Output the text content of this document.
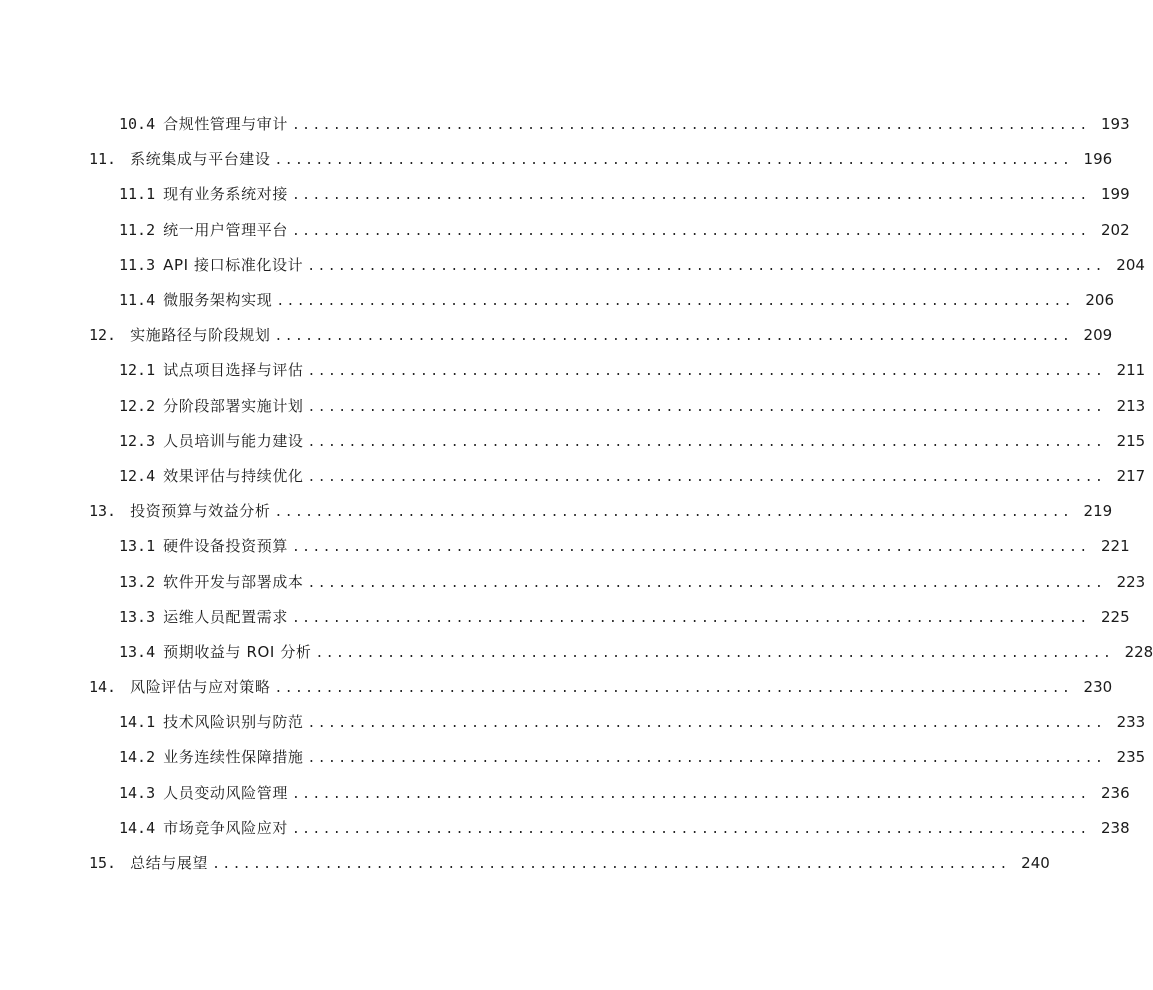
10.4 合规性管理与审计 .............................................................................. 193
11. 系统集成与平台建设 .............................................................................. 196
11.1 现有业务系统对接 .............................................................................. 199
11.2 统一用户管理平台 .............................................................................. 202
11.3 API 接口标准化设计 .............................................................................. 204
11.4 微服务架构实现 .............................................................................. 206
12. 实施路径与阶段规划 .............................................................................. 209
12.1 试点项目选择与评估 .............................................................................. 211
12.2 分阶段部署实施计划 .............................................................................. 213
12.3 人员培训与能力建设 .............................................................................. 215
12.4 效果评估与持续优化 .............................................................................. 217
13. 投资预算与效益分析 .............................................................................. 219
13.1 硬件设备投资预算 .............................................................................. 221
13.2 软件开发与部署成本 .............................................................................. 223
13.3 运维人员配置需求 .............................................................................. 225
13.4 预期收益与 ROI 分析 .............................................................................. 228
14. 风险评估与应对策略 .............................................................................. 230
14.1 技术风险识别与防范 .............................................................................. 233
14.2 业务连续性保障措施 .............................................................................. 235
14.3 人员变动风险管理 .............................................................................. 236
14.4 市场竞争风险应对 .............................................................................. 238
15. 总结与展望 .............................................................................. 240
